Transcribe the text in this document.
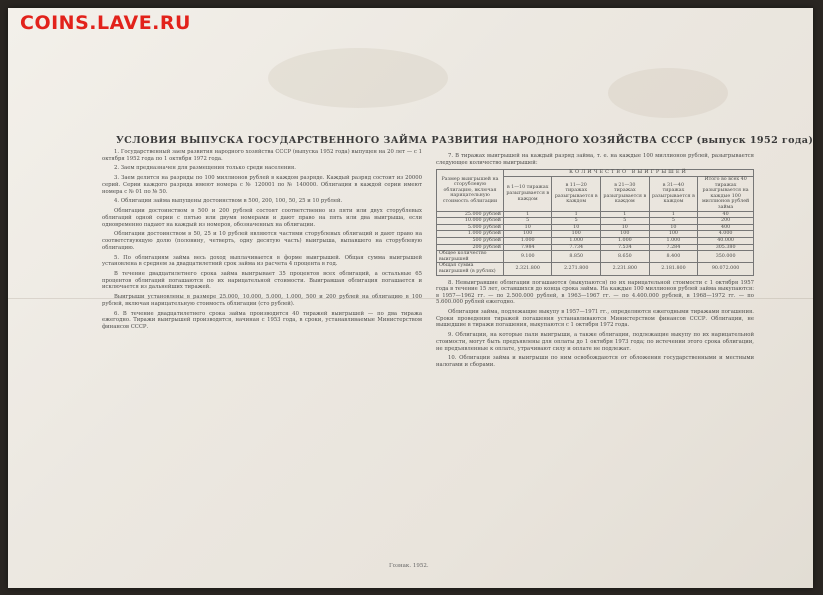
COINS.LAVE.RU
УСЛОВИЯ ВЫПУСКА ГОСУДАРСТВЕННОГО ЗАЙМА РАЗВИТИЯ НАРОДНОГО ХОЗЯЙСТВА СССР (выпуск 1952 года)

1. Государственный заем развития народного хозяйства СССР (выпуска 1952 года) выпущен на 20 лет — с 1 октября 1952 года по 1 октября 1972 года.

2. Заем предназначен для размещения только среди населения.

3. Заем делится на разряды по 100 миллионов рублей в каждом разряде. Каждый разряд состоит из 20000 серий. Серии каждого разряда имеют номера с № 120001 по № 140000. Облигации в каждой серии имеют номера с № 01 по № 50.

4. Облигации займа выпущены достоинством в 500, 200, 100, 50, 25 и 10 рублей.

Облигации достоинством в 500 и 200 рублей состоят соответственно из пяти или двух сторублевых облигаций одной серии с пятью или двумя номерами и дают право на пять или два выигрыша, если одновременно падают на каждый из номеров, обозначенных на облигации.

Облигации достоинством в 50, 25 и 10 рублей являются частями сторублевых облигаций и дают право на соответствующую долю (половину, четверть, одну десятую часть) выигрыша, выпавшего на сторублевую облигацию.

5. По облигациям займа весь доход выплачивается в форме выигрышей. Общая сумма выигрышей установлена в среднем за двадцатилетний срок займа из расчета 4 процента в год.

В течение двадцатилетнего срока займа выигрывает 35 процентов всех облигаций, а остальные 65 процентов облигаций погашаются по их нарицательной стоимости. Выигравшая облигация погашается и исключается из дальнейших тиражей.

Выигрыши установлены в размере 25.000, 10.000, 5.000, 1.000, 500 и 200 рублей на облигацию в 100 рублей, включая нарицательную стоимость облигации (сто рублей).

6. В течение двадцатилетнего срока займа производится 40 тиражей выигрышей — по два тиража ежегодно. Тиражи выигрышей производятся, начиная с 1953 года, в сроки, устанавливаемые Министерством финансов СССР.

7. В тиражах выигрышей на каждый разряд займа, т. е. на каждые 100 миллионов рублей, разыгрывается следующее количество выигрышей:

Размер выигрышей на сторублевую облигацию, включая нарицательную стоимость облигации	КОЛИЧЕСТВО ВЫИГРЫШЕЙ				
	в 1—10 тиражах разыгрывается в каждом	в 11—20 тиражах разыгрывается в каждом	в 21—30 тиражах разыгрывается в каждом	в 31—40 тиражах разыгрывается в каждом	Итого во всех 40 тиражах разыгрывается на каждые 100 миллионов рублей займа
25.000 рублей	1	1	1	1	40
10.000 рублей	5	5	5	5	200
5.000 рублей	10	10	10	10	400
1.000 рублей	100	100	100	100	4.000
500 рублей	1.000	1.000	1.000	1.000	40.000
200 рублей	7.984	7.734	7.534	7.284	305.380
Общее количество выигрышей	9.100	8.850	8.650	8.400	350.000
Общая сумма выигрышей (в рублях)	2.321.800	2.271.800	2.231.800	2.181.800	90.072.000

8. Невыигравшие облигации погашаются (выкупаются) по их нарицательной стоимости с 1 октября 1957 года в течение 15 лет, оставшихся до конца срока займа. На каждые 100 миллионов рублей займа выкупаются: в 1957—1962 гг. — по 2.500.000 рублей, в 1963—1967 гг. — по 4.400.000 рублей, в 1968—1972 гг. — по 5.600.000 рублей ежегодно.

Облигации займа, подлежащие выкупу в 1957—1971 гг., определяются ежегодными тиражами погашения. Сроки проведения тиражей погашения устанавливаются Министерством финансов СССР. Облигации, не вышедшие в тиражи погашения, выкупаются с 1 октября 1972 года.

9. Облигации, на которые пали выигрыши, а также облигации, подлежащие выкупу по их нарицательной стоимости, могут быть предъявлены для оплаты до 1 октября 1973 года; по истечении этого срока облигации, не предъявленные к оплате, утрачивают силу и оплате не подлежат.

10. Облигации займа и выигрыши по ним освобождаются от обложения государственными и местными налогами и сборами.

Гознак. 1952.
